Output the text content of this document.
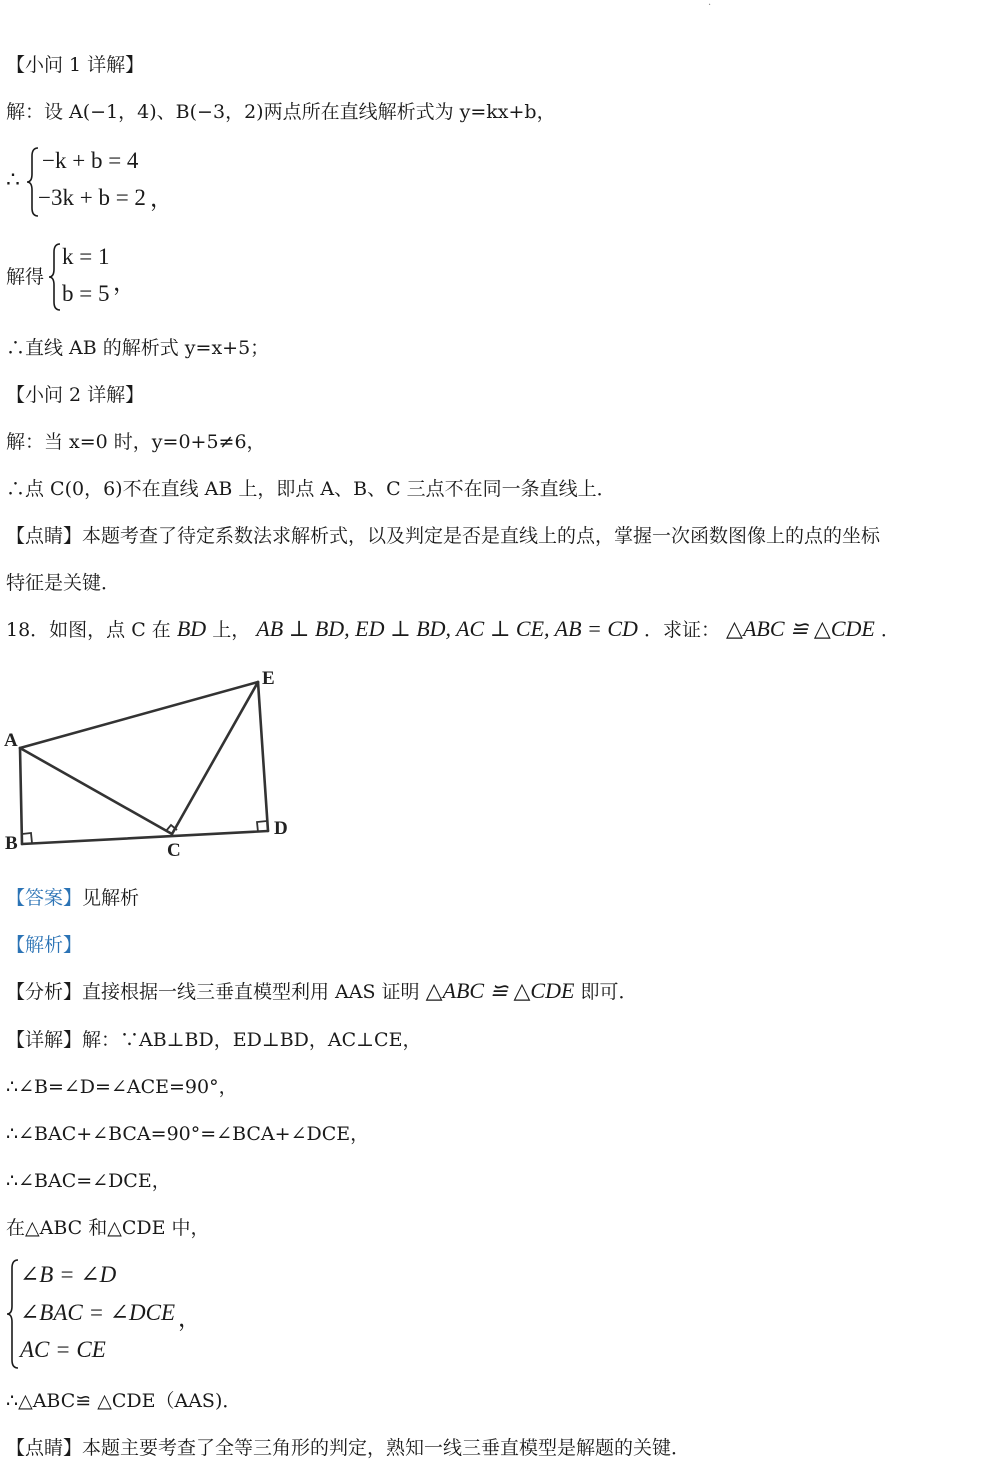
·
【小问 1 详解】
解：设 A(−1，4)、B(−3，2)两点所在直线解析式为 y=kx+b，
∴
−k + b = 4
−3k + b = 2 ，
解得
k = 1
b = 5 ，
∴直线 AB 的解析式 y=x+5；
【小问 2 详解】
解：当 x=0 时，y=0+5≠6，
∴点 C(0，6)不在直线 AB 上，即点 A、B、C 三点不在同一条直线上．
【点睛】本题考查了待定系数法求解析式，以及判定是否是直线上的点，掌握一次函数图像上的点的坐标
特征是关键．
18．如图，点 C 在 BD 上， AB ⊥ BD, ED ⊥ BD, AC ⊥ CE, AB = CD ．求证： △ABC ≌ △CDE ．
A
B	C
D
E
【答案】见解析
【解析】
【分析】直接根据一线三垂直模型利用 AAS 证明 △ABC ≌ △CDE 即可．
【详解】解：∵AB⊥BD，ED⊥BD，AC⊥CE，
∴∠B=∠D=∠ACE=90°，
∴∠BAC+∠BCA=90°=∠BCA+∠DCE，
∴∠BAC=∠DCE，
在△ABC 和△CDE 中，
∠B = ∠D
∠BAC = ∠DCE ，
AC = CE
∴△ABC≌ △CDE（AAS)．
【点睛】本题主要考查了全等三角形的判定，熟知一线三垂直模型是解题的关键．
